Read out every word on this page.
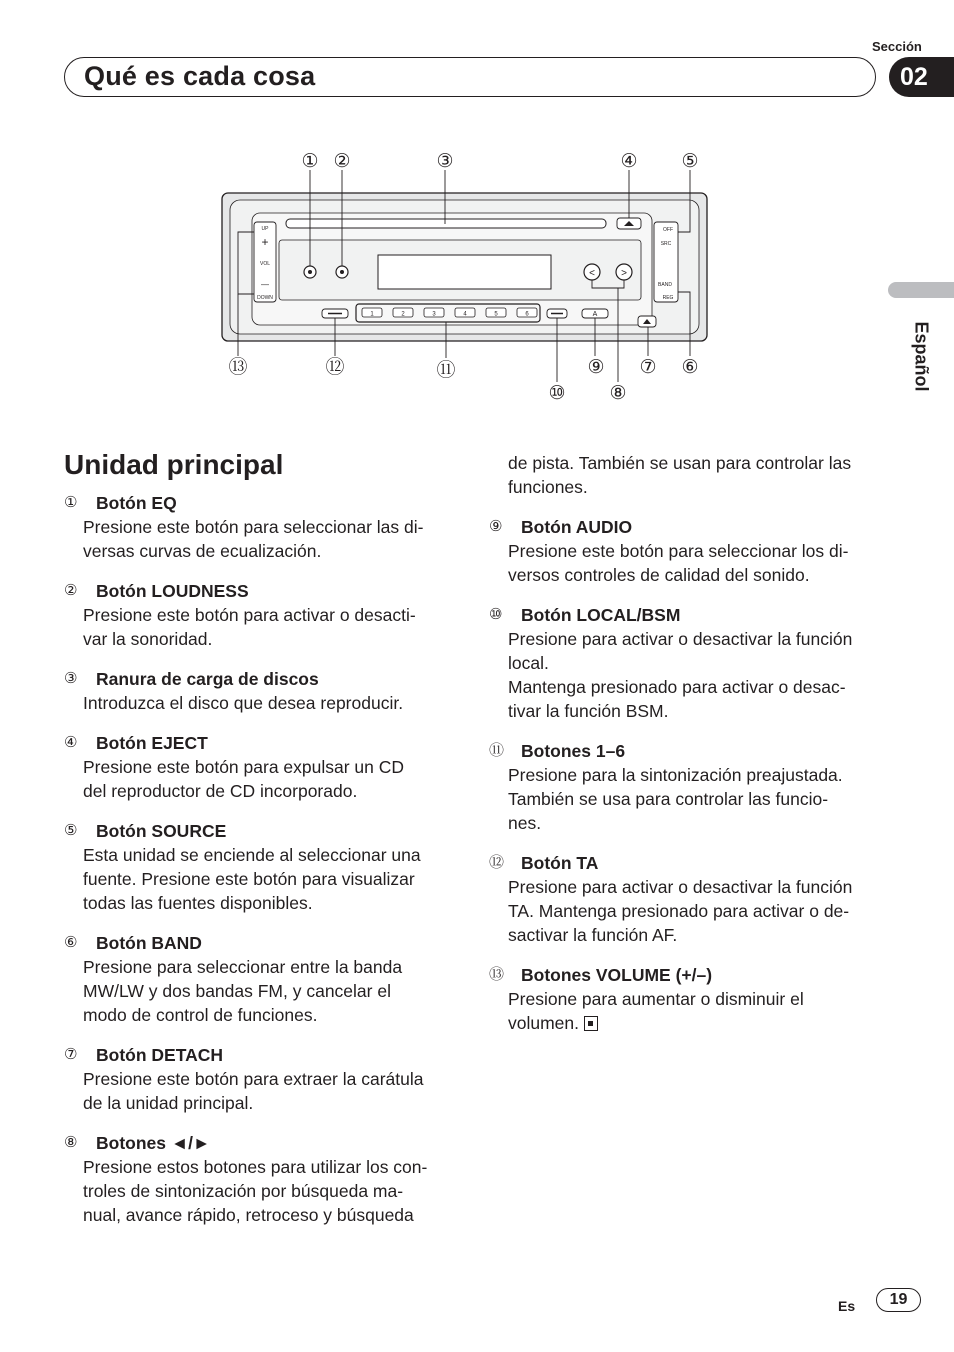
Sección
Qué es cada cosa	02
Español
<	>
UP
+
VOL
—
DOWN
OFF
SRC
BAND
REG
1	2	3	4	5	6	A
① ②	③	④ ⑤
⑬	⑫	⑪	⑨ ⑦ ⑥
⑩ ⑧
Unidad principal
①	Botón EQ
Presione este botón para seleccionar las di-
versas curvas de ecualización.
②	Botón LOUDNESS
Presione este botón para activar o desacti-
var la sonoridad.
③	Ranura de carga de discos
Introduzca el disco que desea reproducir.
④	Botón EJECT
Presione este botón para expulsar un CD
del reproductor de CD incorporado.
⑤	Botón SOURCE
Esta unidad se enciende al seleccionar una
fuente. Presione este botón para visualizar
todas las fuentes disponibles.
⑥	Botón BAND
Presione para seleccionar entre la banda
MW/LW y dos bandas FM, y cancelar el
modo de control de funciones.
⑦	Botón DETACH
Presione este botón para extraer la carátula
de la unidad principal.
⑧	Botones ◄/►
Presione estos botones para utilizar los con-
troles de sintonización por búsqueda ma-
nual, avance rápido, retroceso y búsqueda
de pista. También se usan para controlar las
funciones.
⑨	Botón AUDIO
Presione este botón para seleccionar los di-
versos controles de calidad del sonido.
⑩	Botón LOCAL/BSM
Presione para activar o desactivar la función
local.
Mantenga presionado para activar o desac-
tivar la función BSM.
⑪ Botones 1–6
Presione para la sintonización preajustada.
También se usa para controlar las funcio-
nes.
⑫ Botón TA
Presione para activar o desactivar la función
TA. Mantenga presionado para activar o de-
sactivar la función AF.
⑬ Botones VOLUME (+/–)
Presione para aumentar o disminuir el
volumen.
Es	19
